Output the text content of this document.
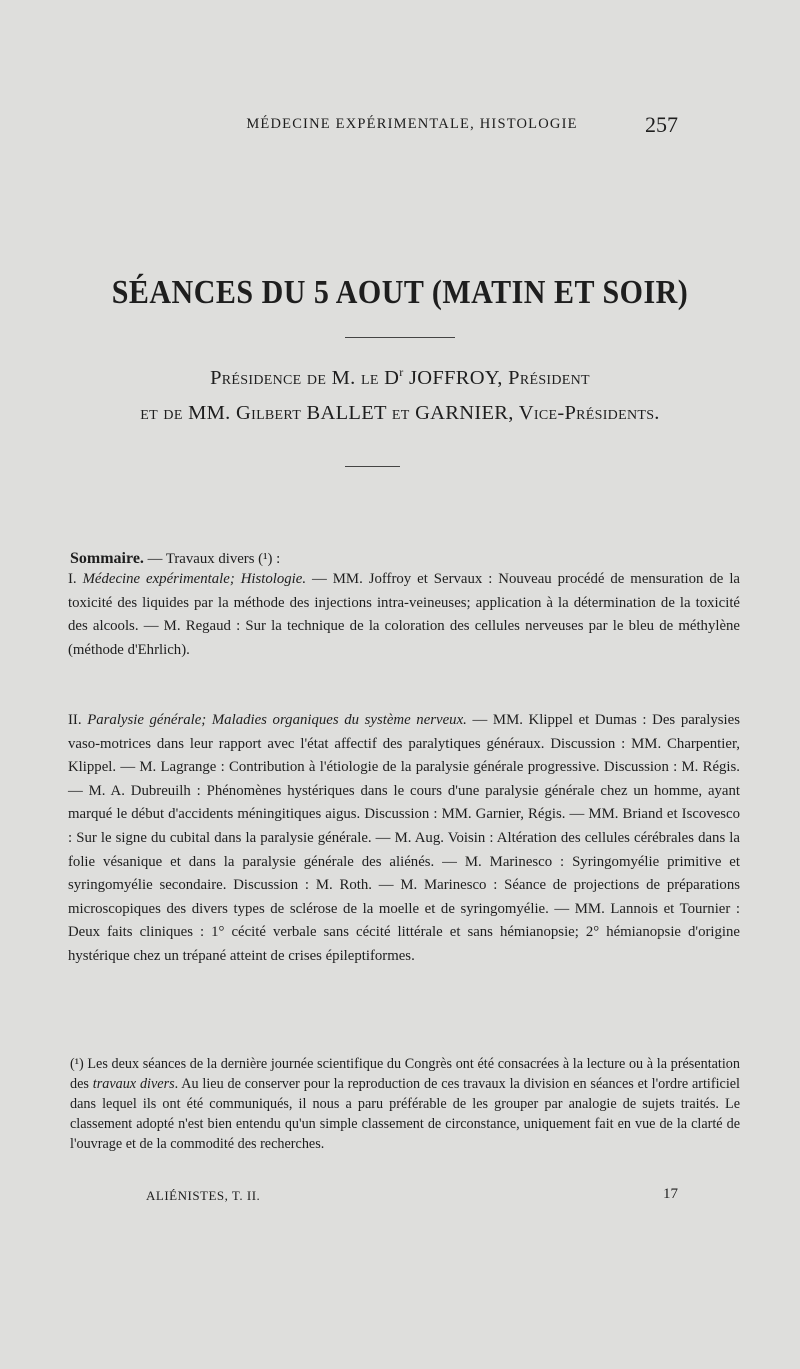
MÉDECINE EXPÉRIMENTALE, HISTOLOGIE	257
SÉANCES DU 5 AOUT (MATIN ET SOIR)
Présidence de M. le $D^r$ JOFFROY, Président
et de MM. Gilbert BALLET et GARNIER, Vice-Présidents.
Sommaire. — Travaux divers (¹) :

I. Médecine expérimentale; Histologie. — MM. Joffroy et Servaux : Nouveau procédé de mensuration de la toxicité des liquides par la méthode des injections intra-veineuses; application à la détermination de la toxicité des alcools. — M. Regaud : Sur la technique de la coloration des cellules nerveuses par le bleu de méthylène (méthode d'Ehrlich).

II. Paralysie générale; Maladies organiques du système nerveux. — MM. Klippel et Dumas : Des paralysies vaso-motrices dans leur rapport avec l'état affectif des paralytiques généraux. Discussion : MM. Charpentier, Klippel. — M. Lagrange : Contribution à l'étiologie de la paralysie générale progressive. Discussion : M. Régis. — M. A. Dubreuilh : Phénomènes hystériques dans le cours d'une paralysie générale chez un homme, ayant marqué le début d'accidents méningitiques aigus. Discussion : MM. Garnier, Régis. — MM. Briand et Iscovesco : Sur le signe du cubital dans la paralysie générale. — M. Aug. Voisin : Altération des cellules cérébrales dans la folie vésanique et dans la paralysie générale des aliénés. — M. Marinesco : Syringomyélie primitive et syringomyélie secondaire. Discussion : M. Roth. — M. Marinesco : Séance de projections de préparations microscopiques des divers types de sclérose de la moelle et de syringomyélie. — MM. Lannois et Tournier : Deux faits cliniques : 1° cécité verbale sans cécité littérale et sans hémianopsie; 2° hémianopsie d'origine hystérique chez un trépané atteint de crises épileptiformes.

(¹) Les deux séances de la dernière journée scientifique du Congrès ont été consacrées à la lecture ou à la présentation des travaux divers. Au lieu de conserver pour la reproduction de ces travaux la division en séances et l'ordre artificiel dans lequel ils ont été communiqués, il nous a paru préférable de les grouper par analogie de sujets traités. Le classement adopté n'est bien entendu qu'un simple classement de circonstance, uniquement fait en vue de la clarté de l'ouvrage et de la commodité des recherches.
ALIÉNISTES, T. II.	17
